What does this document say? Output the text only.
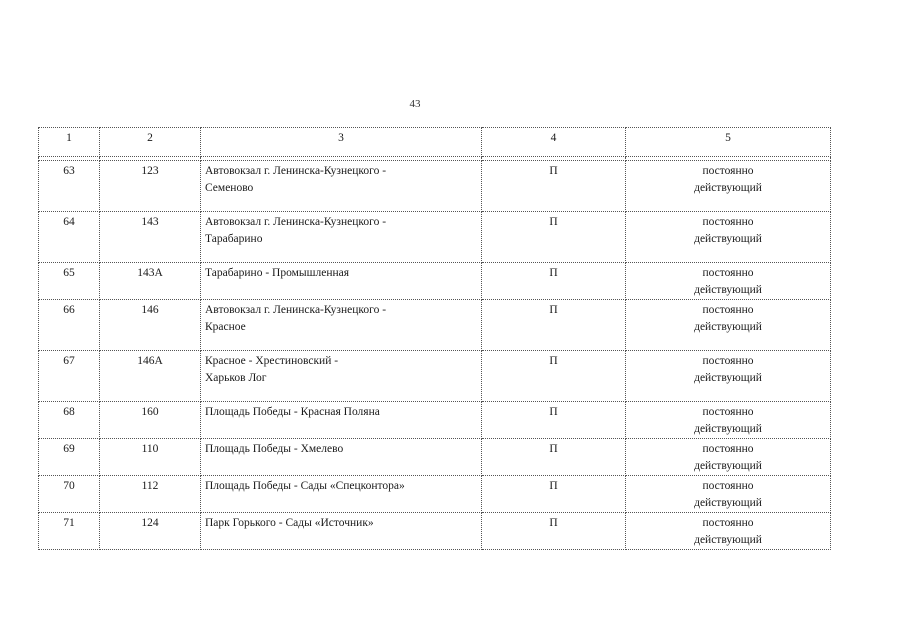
43
1	2	3	4	5

63	123	Автовокзал г. Ленинска-Кузнецкого -
Семеново	П	постоянно
действующий

64	143	Автовокзал г. Ленинска-Кузнецкого -
Тарабарино	П	постоянно
действующий

65	143А	Тарабарино - Промышленная	П	постоянно
действующий

66	146	Автовокзал г. Ленинска-Кузнецкого -
Красное	П	постоянно
действующий

67	146А	Красное - Хрестиновский -
Харьков Лог	П	постоянно
действующий

68	160	Площадь Победы - Красная Поляна	П	постоянно
действующий

69	110	Площадь Победы - Хмелево	П	постоянно
действующий

70	112	Площадь Победы - Сады «Спецконтора»	П	постоянно
действующий

71	124	Парк Горького - Сады «Источник»	П	постоянно
действующий
